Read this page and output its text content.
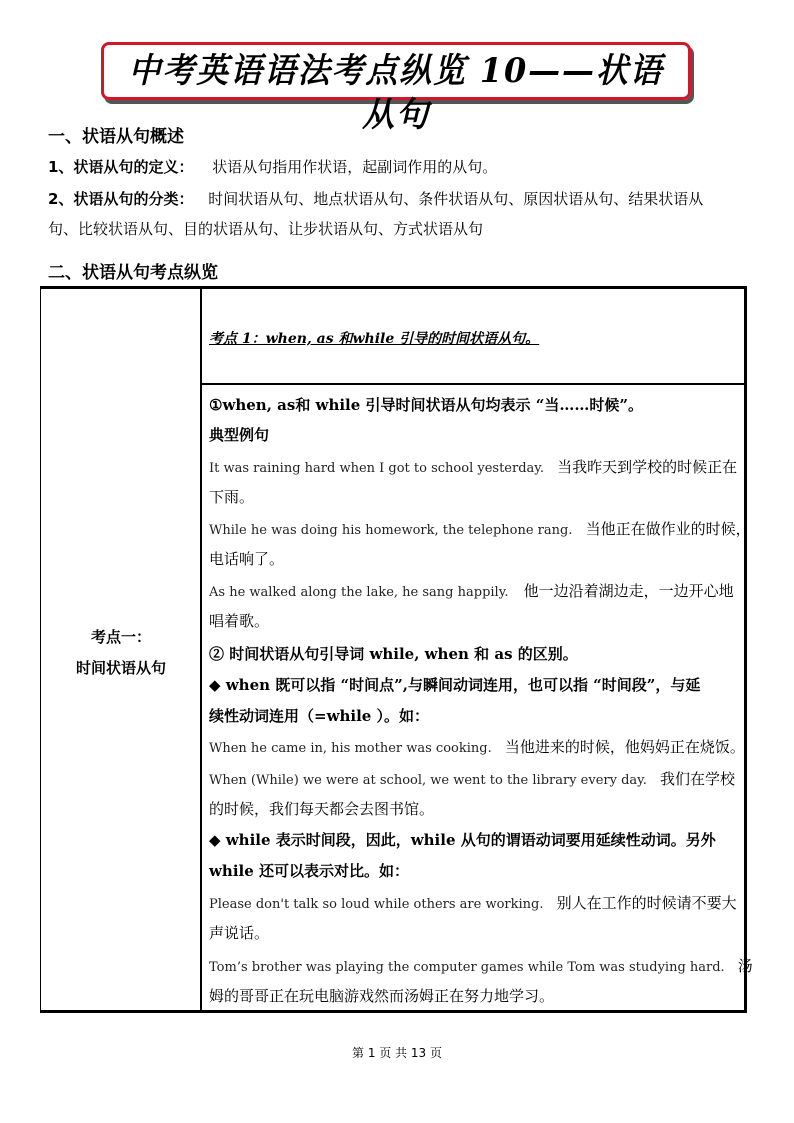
中考英语语法考点纵览 10——状语从句
一、状语从句概述
1、状语从句的定义： 状语从句指用作状语，起副词作用的从句。
2、状语从句的分类： 时间状语从句、地点状语从句、条件状语从句、原因状语从句、结果状语从
句、比较状语从句、目的状语从句、让步状语从句、方式状语从句
二、状语从句考点纵览
考点一：
时间状语从句
考点 1：when, as 和while 引导的时间状语从句。
①when, as和 while 引导时间状语从句均表示 “当……时候”。
典型例句
It was raining hard when I got to school yesterday. 当我昨天到学校的时候正在
下雨。
While he was doing his homework, the telephone rang. 当他正在做作业的时候，
电话响了。
As he walked along the lake, he sang happily. 他一边沿着湖边走，一边开心地
唱着歌。
② 时间状语从句引导词 while, when 和 as 的区别。
◆ when 既可以指 “时间点”,与瞬间动词连用，也可以指 “时间段”，与延
续性动词连用（=while ）。如：
When he came in, his mother was cooking. 当他进来的时候，他妈妈正在烧饭。
When (While) we were at school, we went to the library every day. 我们在学校
的时候，我们每天都会去图书馆。
◆ while 表示时间段，因此，while 从句的谓语动词要用延续性动词。另外
while 还可以表示对比。如：
Please don't talk so loud while others are working. 别人在工作的时候请不要大
声说话。
Tom’s brother was playing the computer games while Tom was studying hard. 汤
姆的哥哥正在玩电脑游戏然而汤姆正在努力地学习。
第 1 页 共 13 页
